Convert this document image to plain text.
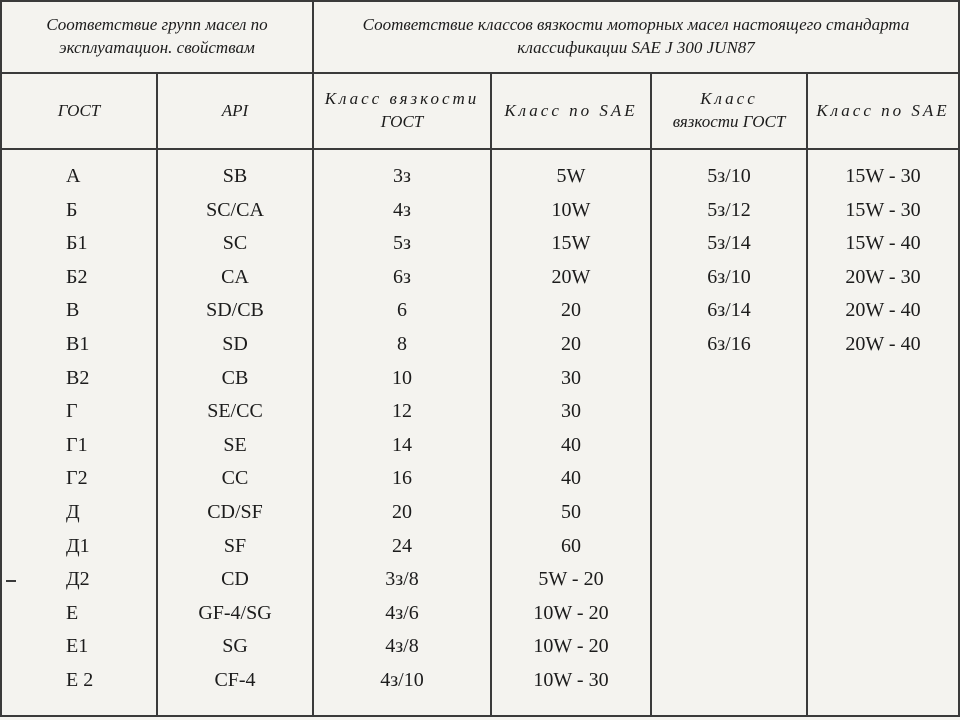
Соответствие групп масел по
эксплуатацион. свойствам
Соответствие классов вязкости моторных масел настоящего стандарта
классификации SAE J 300 JUN87
ГОСТ	API
Класс вязкости
ГОСТ
Класс по SAE
Класс
вязкости ГОСТ
Класс по SAE
А
Б
Б1
Б2
В
В1
В2
Г
Г1
Г2
Д
Д1
Д2
Е
Е1
Е 2
SB
SC/CA
SC
CA
SD/CB
SD
CB
SE/CC
SE
CC
CD/SF
SF
CD
GF-4/SG
SG
CF-4
3з
4з
5з
6з
6
8
10
12
14
16
20
24
3з/8
4з/6
4з/8
4з/10
5W
10W
15W
20W
20
20
30
30
40
40
50
60
5W - 20
10W - 20
10W - 20
10W - 30
5з/10
5з/12
5з/14
6з/10
6з/14
6з/16
15W - 30
15W - 30
15W - 40
20W - 30
20W - 40
20W - 40
